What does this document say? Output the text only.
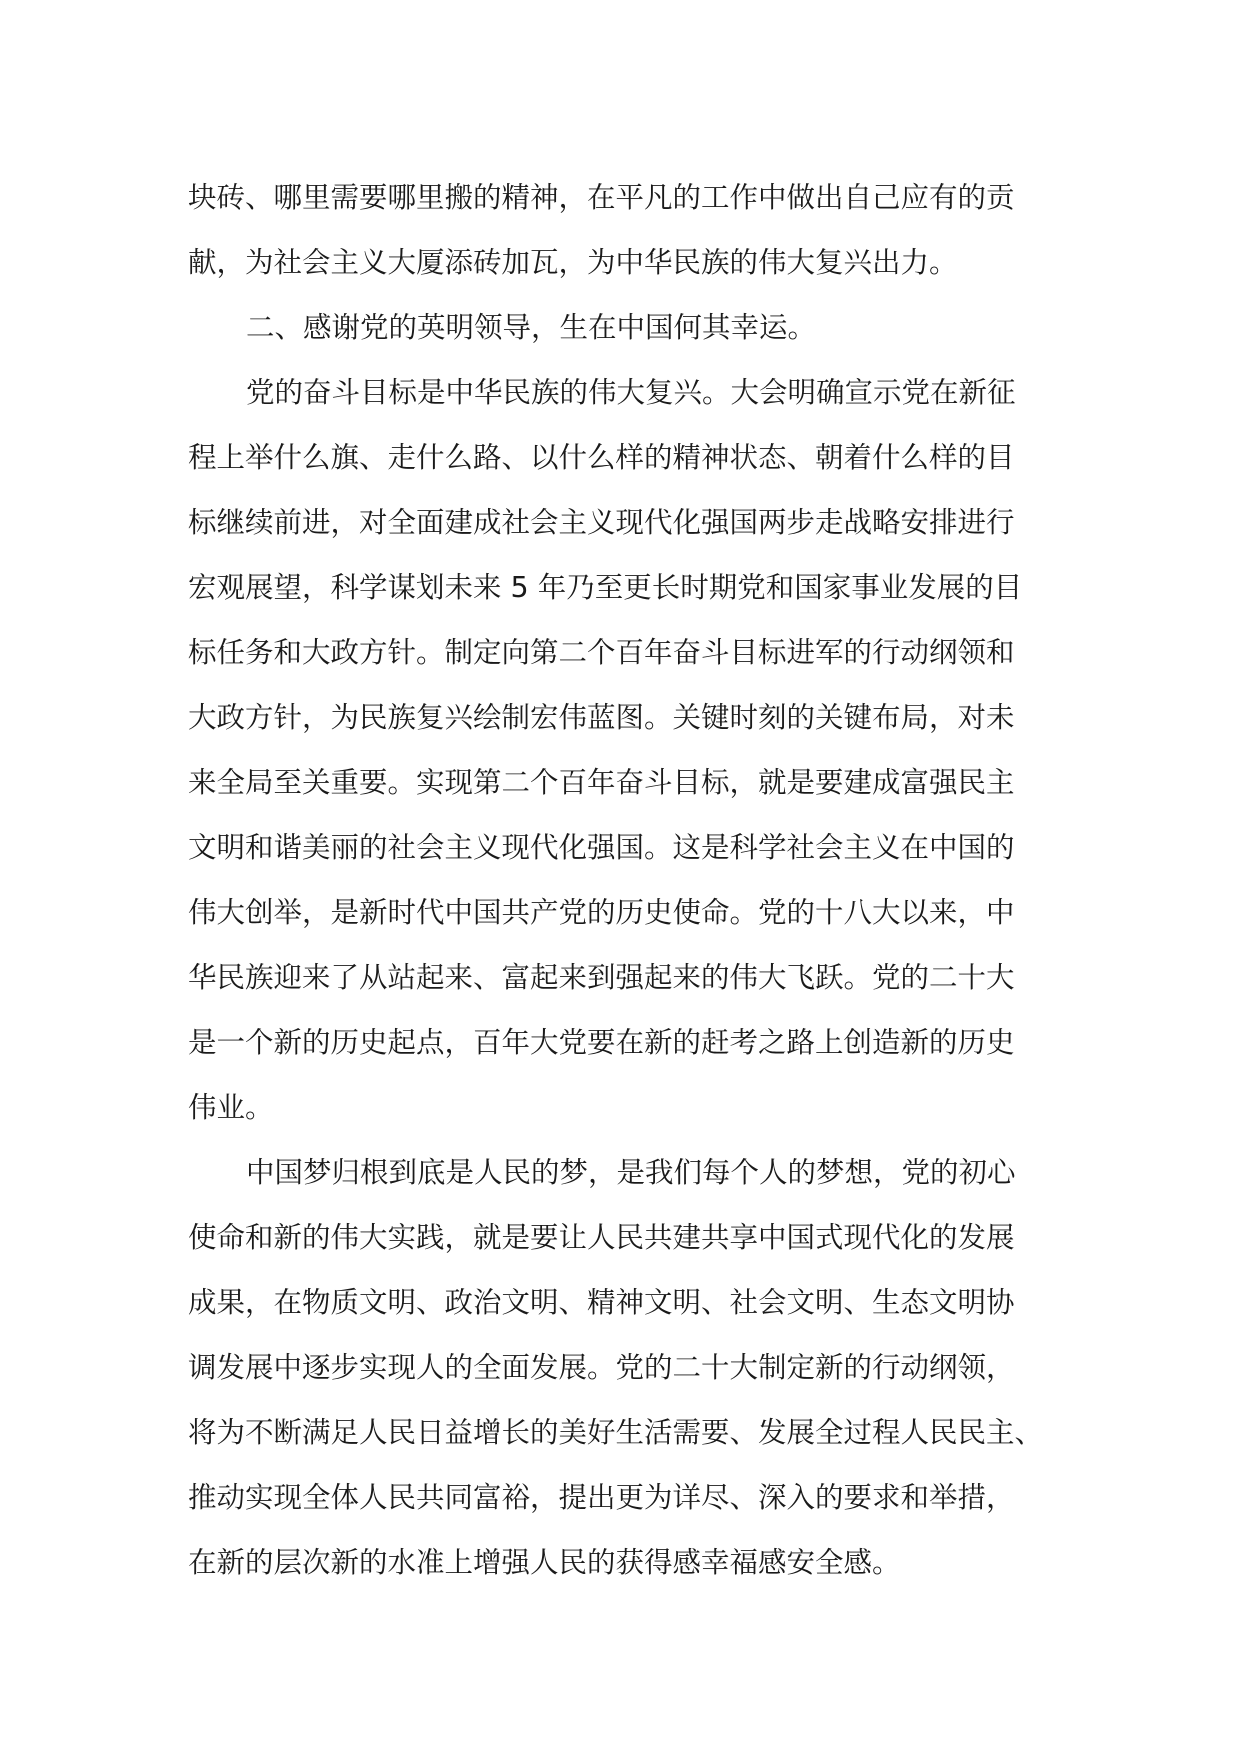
块砖、哪里需要哪里搬的精神，在平凡的工作中做出自己应有的贡
献，为社会主义大厦添砖加瓦，为中华民族的伟大复兴出力。
二、感谢党的英明领导，生在中国何其幸运。
党的奋斗目标是中华民族的伟大复兴。大会明确宣示党在新征
程上举什么旗、走什么路、以什么样的精神状态、朝着什么样的目
标继续前进，对全面建成社会主义现代化强国两步走战略安排进行
宏观展望，科学谋划未来 5 年乃至更长时期党和国家事业发展的目
标任务和大政方针。制定向第二个百年奋斗目标进军的行动纲领和
大政方针，为民族复兴绘制宏伟蓝图。关键时刻的关键布局，对未
来全局至关重要。实现第二个百年奋斗目标，就是要建成富强民主
文明和谐美丽的社会主义现代化强国。这是科学社会主义在中国的
伟大创举，是新时代中国共产党的历史使命。党的十八大以来，中
华民族迎来了从站起来、富起来到强起来的伟大飞跃。党的二十大
是一个新的历史起点，百年大党要在新的赶考之路上创造新的历史
伟业。
中国梦归根到底是人民的梦，是我们每个人的梦想，党的初心
使命和新的伟大实践，就是要让人民共建共享中国式现代化的发展
成果，在物质文明、政治文明、精神文明、社会文明、生态文明协
调发展中逐步实现人的全面发展。党的二十大制定新的行动纲领，
将为不断满足人民日益增长的美好生活需要、发展全过程人民民主、
推动实现全体人民共同富裕，提出更为详尽、深入的要求和举措，
在新的层次新的水准上增强人民的获得感幸福感安全感。
